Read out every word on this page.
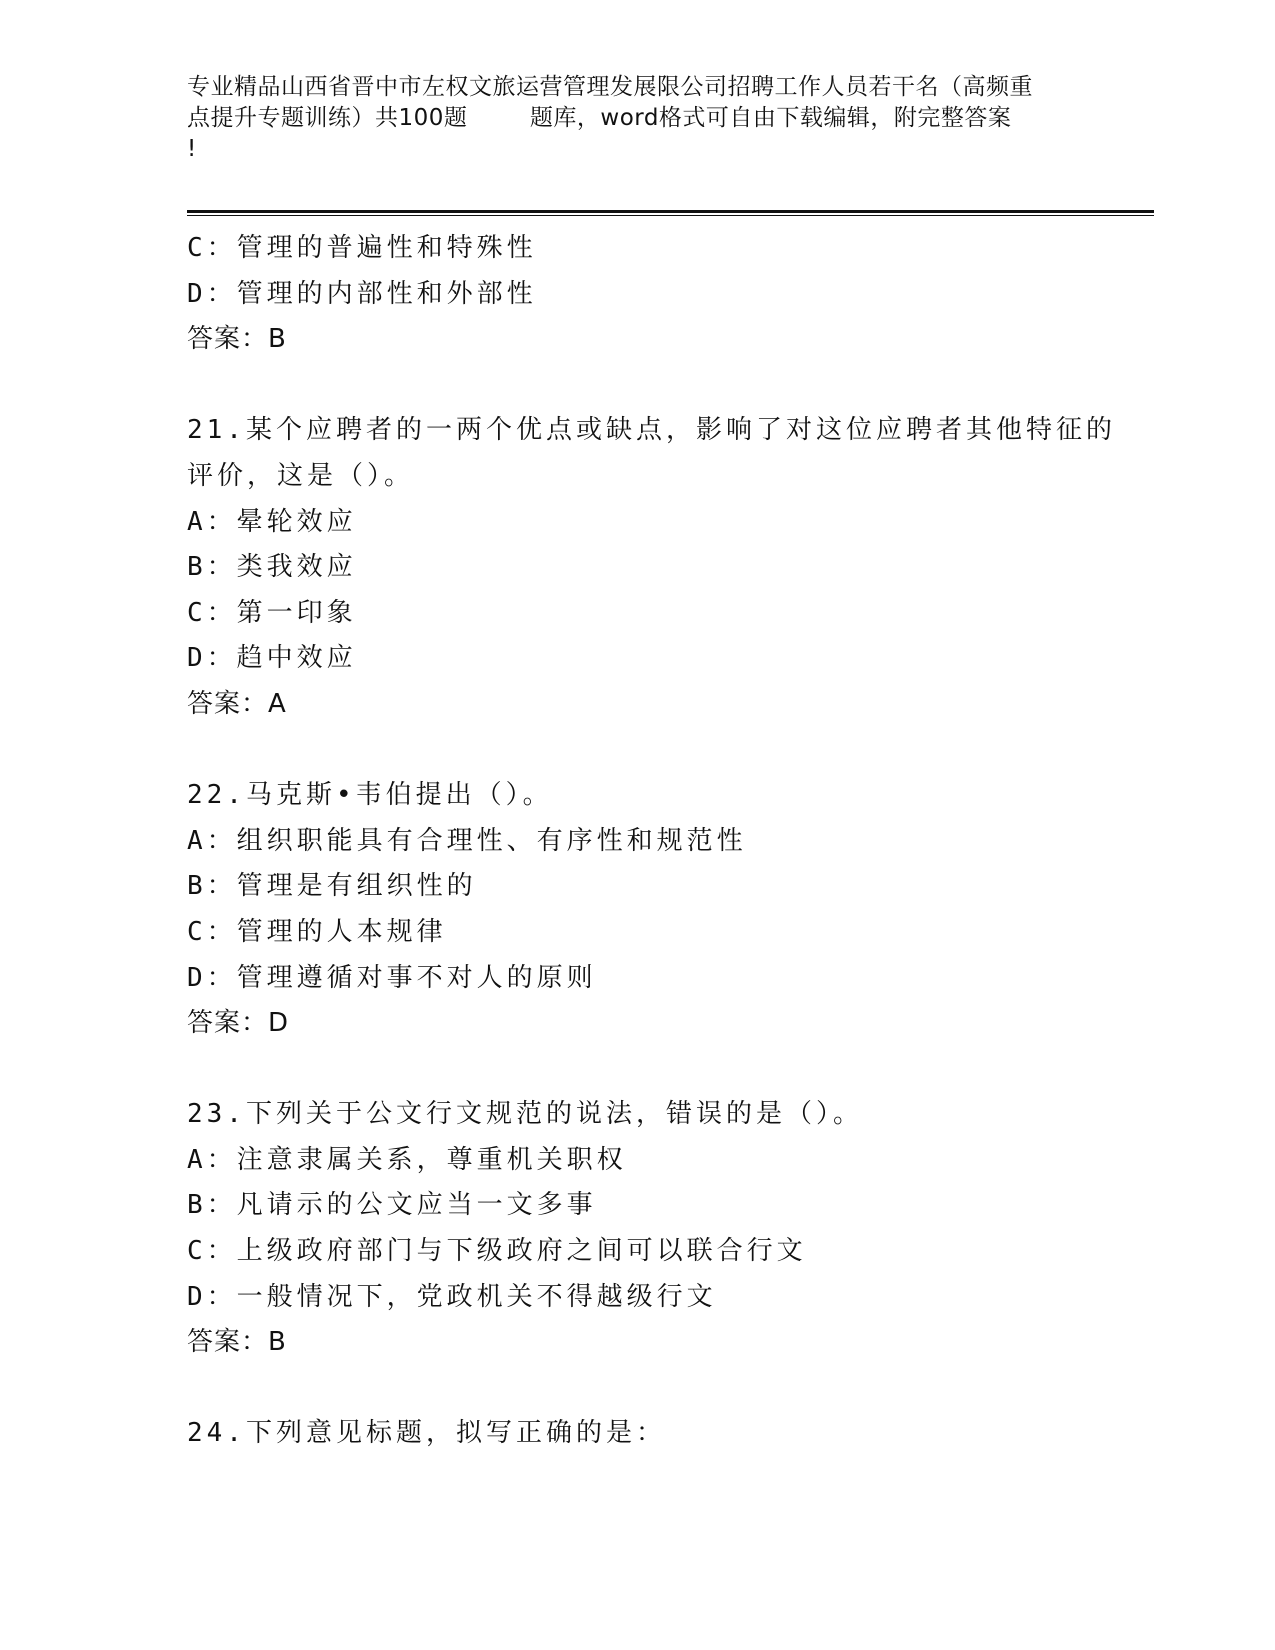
专业精品山西省晋中市左权文旅运营管理发展限公司招聘工作人员若干名（高频重
点提升专题训练）共100题        题库，word格式可自由下载编辑，附完整答案
!
C：管理的普遍性和特殊性
D：管理的内部性和外部性
答案：B
21.某个应聘者的一两个优点或缺点，影响了对这位应聘者其他特征的
评价，这是（）。
A：晕轮效应
B：类我效应
C：第一印象
D：趋中效应
答案：A
22.马克斯•韦伯提出（）。
A：组织职能具有合理性、有序性和规范性
B：管理是有组织性的
C：管理的人本规律
D：管理遵循对事不对人的原则
答案：D
23.下列关于公文行文规范的说法，错误的是（）。
A：注意隶属关系，尊重机关职权
B：凡请示的公文应当一文多事
C：上级政府部门与下级政府之间可以联合行文
D：一般情况下，党政机关不得越级行文
答案：B
24.下列意见标题，拟写正确的是：
